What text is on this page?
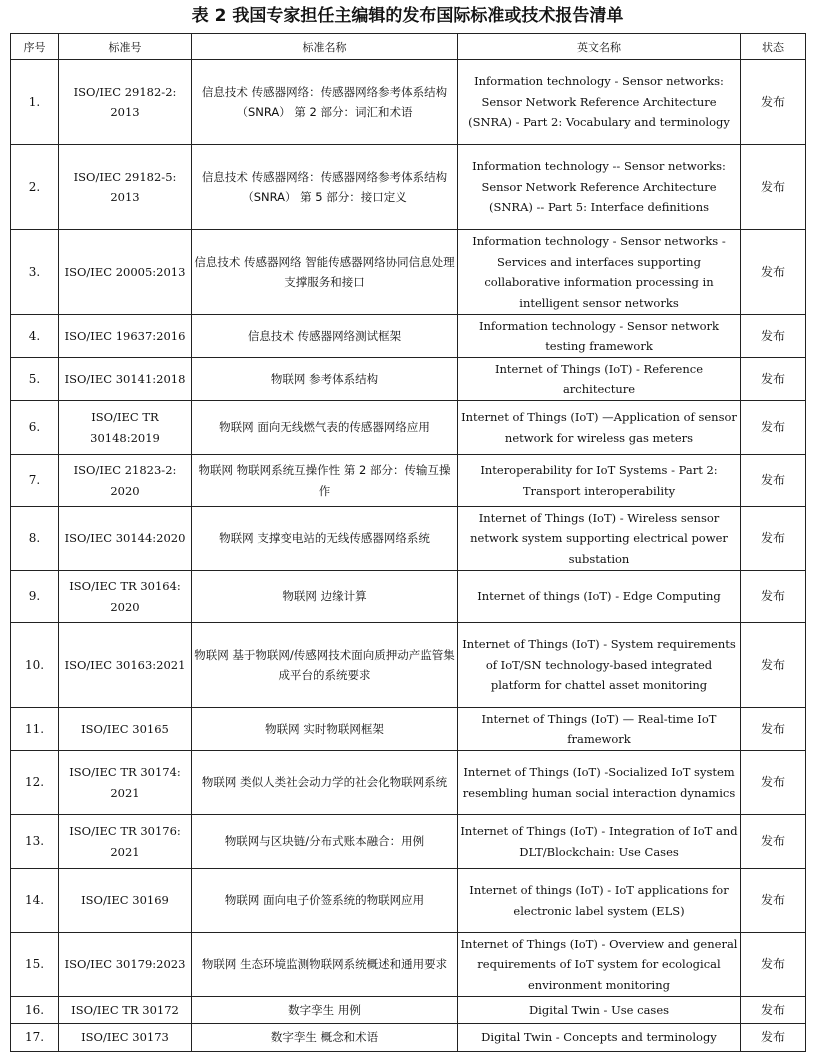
表 2 我国专家担任主编辑的发布国际标准或技术报告清单
序号	标准号	标准名称	英文名称	状态
1.	ISO/IEC 29182-2: 2013	信息技术 传感器网络：传感器网络参考体系结构（SNRA） 第 2 部分：词汇和术语	Information technology - Sensor networks: Sensor Network Reference Architecture (SNRA) - Part 2: Vocabulary and terminology	发布
2.	ISO/IEC 29182-5: 2013	信息技术 传感器网络：传感器网络参考体系结构（SNRA） 第 5 部分：接口定义	Information technology -- Sensor networks: Sensor Network Reference Architecture (SNRA) -- Part 5: Interface definitions	发布
3.	ISO/IEC 20005:2013	信息技术 传感器网络 智能传感器网络协同信息处理支撑服务和接口	Information technology - Sensor networks - Services and interfaces supporting collaborative information processing in intelligent sensor networks	发布
4.	ISO/IEC 19637:2016	信息技术 传感器网络测试框架	Information technology - Sensor network testing framework	发布
5.	ISO/IEC 30141:2018	物联网 参考体系结构	Internet of Things (IoT) - Reference architecture	发布
6.	ISO/IEC TR 30148:2019	物联网 面向无线燃气表的传感器网络应用	Internet of Things (IoT) —Application of sensor network for wireless gas meters	发布
7.	ISO/IEC 21823-2: 2020	物联网 物联网系统互操作性 第 2 部分：传输互操作	Interoperability for IoT Systems - Part 2: Transport interoperability	发布
8.	ISO/IEC 30144:2020	物联网 支撑变电站的无线传感器网络系统	Internet of Things (IoT) - Wireless sensor network system supporting electrical power substation	发布
9.	ISO/IEC TR 30164: 2020	物联网 边缘计算	Internet of things (IoT) - Edge Computing	发布
10.	ISO/IEC 30163:2021	物联网 基于物联网/传感网技术面向质押动产监管集成平台的系统要求	Internet of Things (IoT) - System requirements of IoT/SN technology-based integrated platform for chattel asset monitoring	发布
11.	ISO/IEC 30165	物联网 实时物联网框架	Internet of Things (IoT) — Real-time IoT framework	发布
12.	ISO/IEC TR 30174: 2021	物联网 类似人类社会动力学的社会化物联网系统	Internet of Things (IoT) -Socialized IoT system resembling human social interaction dynamics	发布
13.	ISO/IEC TR 30176: 2021	物联网与区块链/分布式账本融合：用例	Internet of Things (IoT) - Integration of IoT and DLT/Blockchain: Use Cases	发布
14.	ISO/IEC 30169	物联网 面向电子价签系统的物联网应用	Internet of things (IoT) - IoT applications for electronic label system (ELS)	发布
15.	ISO/IEC 30179:2023	物联网 生态环境监测物联网系统概述和通用要求	Internet of Things (IoT) - Overview and general requirements of IoT system for ecological environment monitoring	发布
16.	ISO/IEC TR 30172	数字孪生 用例	Digital Twin - Use cases	发布
17.	ISO/IEC 30173	数字孪生 概念和术语	Digital Twin - Concepts and terminology	发布
